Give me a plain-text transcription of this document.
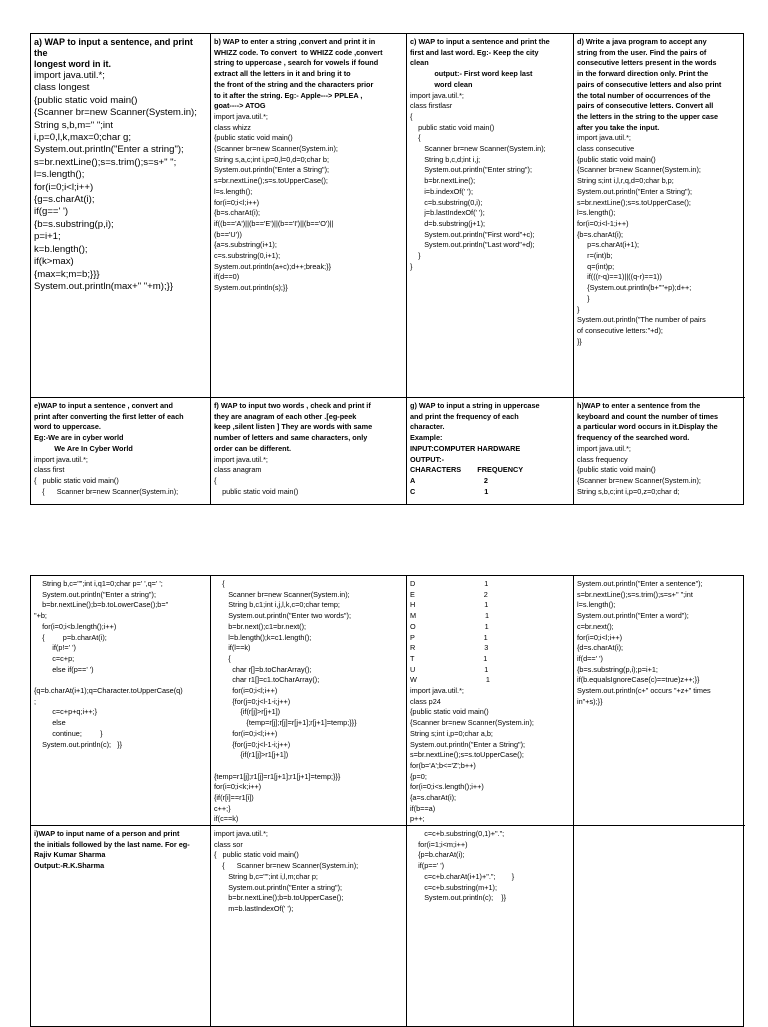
a) WAP to input a sentence, and print the
longest word in it.
import java.util.*;
class longest
{public static void main()
{Scanner br=new Scanner(System.in);
String s,b,m=" ";int
i,p=0,l,k,max=0;char g;
System.out.println("Enter a string");
s=br.nextLine();s=s.trim();s=s+" ";
l=s.length();
for(i=0;i<l;i++)
{g=s.charAt(i);
if(g==' ')
{b=s.substring(p,i);
p=i+1;
k=b.length();
if(k>max)
{max=k;m=b;}}}
System.out.println(max+" "+m);}}
b) WAP to enter a string ,convert and print it in
WHIZZ code. To convert  to WHIZZ code ,convert
string to uppercase , search for vowels if found
extract all the letters in it and bring it to
the front of the string and the characters prior
to it after the string. Eg:- Apple---> PPLEA ,
goat----> ATOG
import java.util.*;
class whizz
{public static void main()
{Scanner br=new Scanner(System.in);
String s,a,c;int i,p=0,l=0,d=0;char b;
System.out.println("Enter a String");
s=br.nextLine();s=s.toUpperCase();
l=s.length();
for(i=0;i<l;i++)
{b=s.charAt(i);
if((b=='A')||(b=='E')||(b=='I')||(b=='O')||
(b=='U'))
{a=s.substring(i+1);
c=s.substring(0,i+1);
System.out.println(a+c);d++;break;}}
if(d==0)
System.out.println(s);}}
c) WAP to input a sentence and print the
first and last word. Eg:- Keep the city
clean
output:- First word keep last
word clean
import java.util.*;
class firstlasr
{
public static void main()
{
Scanner br=new Scanner(System.in);
String b,c,d;int i,j;
System.out.println("Enter string");
b=br.nextLine();
i=b.indexOf(' ');
c=b.substring(0,i);
j=b.lastIndexOf(' ');
d=b.substring(j+1);
System.out.println("First word"+c);
System.out.println("Last word"+d);
}
}
d) Write a java program to accept any
string from the user. Find the pairs of
consecutive letters present in the words
in the forward direction only. Print the
pairs of consecutive letters and also print
the total number of occurrences of the
pairs of consecutive letters. Convert all
the letters in the string to the upper case
after you take the input.
import java.util.*;
class consecutive
{public static void main()
{Scanner br=new Scanner(System.in);
String s;int i,l,r,q,d=0;char b,p;
System.out.println("Enter a String");
s=br.nextLine();s=s.toUpperCase();
l=s.length();
for(i=0;i<l-1;i++)
{b=s.charAt(i);
p=s.charAt(i+1);
r=(int)b;
q=(int)p;
if(((r-q)==1)||((q-r)==1))
{System.out.println(b+""+p);d++;
}
}
System.out.println("The number of pairs
of consecutive letters:"+d);
}}
e)WAP to input a sentence , convert and
print after converting the first letter of each
word to uppercase.
Eg:-We are in cyber world
We Are In Cyber World
import java.util.*;
class first
{   public static void main()
{      Scanner br=new Scanner(System.in);
f) WAP to input two words , check and print if
they are anagram of each other .[eg-peek
keep ,silent listen ] They are words with same
number of letters and same characters, only
order can be different.
import java.util.*;
class anagram
{
public static void main()
g) WAP to input a string in uppercase
and print the frequency of each
character.
Example:
INPUT:COMPUTER HARDWARE
OUTPUT:-
CHARACTERS        FREQUENCY
A                                  2
C                                  1
h)WAP to enter a sentence from the
keyboard and count the number of times
a particular word occurs in it.Display the
frequency of the searched word.
import java.util.*;
class frequency
{public static void main()
{Scanner br=new Scanner(System.in);
String s,b,c;int i,p=0,z=0;char d;
String b,c="";int i,q1=0;char p=' ',q=' ';
System.out.println("Enter a string");
b=br.nextLine();b=b.toLowerCase();b="
"+b;
for(i=0;i<b.length();i++)
{         p=b.charAt(i);
if(p!=' ')
c=c+p;
else if(p==' ')

{q=b.charAt(i+1);q=Character.toUpperCase(q)
;
c=c+p+q;i++;}
else
continue;         }
System.out.println(c);   }}
{
Scanner br=new Scanner(System.in);
String b,c1;int i,j,l,k,c=0;char temp;
System.out.println("Enter two words");
b=br.next();c1=br.next();
l=b.length();k=c1.length();
if(l==k)
{
char r[]=b.toCharArray();
char r1[]=c1.toCharArray();
for(i=0;i<l;i++)
{for(j=0;j<l-1-i;j++)
{if(r[j]>r[j+1])
{temp=r[j];r[j]=r[j+1];r[j+1]=temp;}}}
for(i=0;i<l;i++)
{for(j=0;j<l-1-i;j++)
{if(r1[j]>r1[j+1])

{temp=r1[j];r1[j]=r1[j+1];r1[j+1]=temp;}}}
for(i=0;i<k;i++)
{if(r[i]==r1[i])
c++;}
if(c==k)

D                                  1
E                                  2
H                                  1
M                                  1
O                                  1
P                                  1
R                                  3
T                                  1
U                                  1
W                                  1
import java.util.*;
class p24
{public static void main()
{Scanner br=new Scanner(System.in);
String s;int i,p=0;char a,b;
System.out.println("Enter a String");
s=br.nextLine();s=s.toUpperCase();
for(b='A';b<='Z';b++)
{p=0;
for(i=0;i<s.length();i++)
{a=s.charAt(i);
if(b==a)
p++;

System.out.println("Enter a sentence");
s=br.nextLine();s=s.trim();s=s+" ";int
l=s.length();
System.out.println("Enter a word");
c=br.next();
for(i=0;i<l;i++)
{d=s.charAt(i);
if(d==' ')
{b=s.substring(p,i);p=i+1;
if(b.equalsIgnoreCase(c)==true)z++;}}
System.out.println(c+" occurs "+z+" times
in"+s);}}
i)WAP to input name of a person and print
the initials followed by the last name. For eg-
Rajiv Kumar Sharma
Output:-R.K.Sharma
import java.util.*;
class sor
{   public static void main()
{      Scanner br=new Scanner(System.in);
String b,c="";int i,l,m;char p;
System.out.println("Enter a string");
b=br.nextLine();b=b.toUpperCase();
m=b.lastIndexOf(' ');
c=c+b.substring(0,1)+".";
for(i=1;i<m;i++)
{p=b.charAt(i);
if(p==' ')
c=c+b.charAt(i+1)+".";        }
c=c+b.substring(m+1);
System.out.println(c);    }}
